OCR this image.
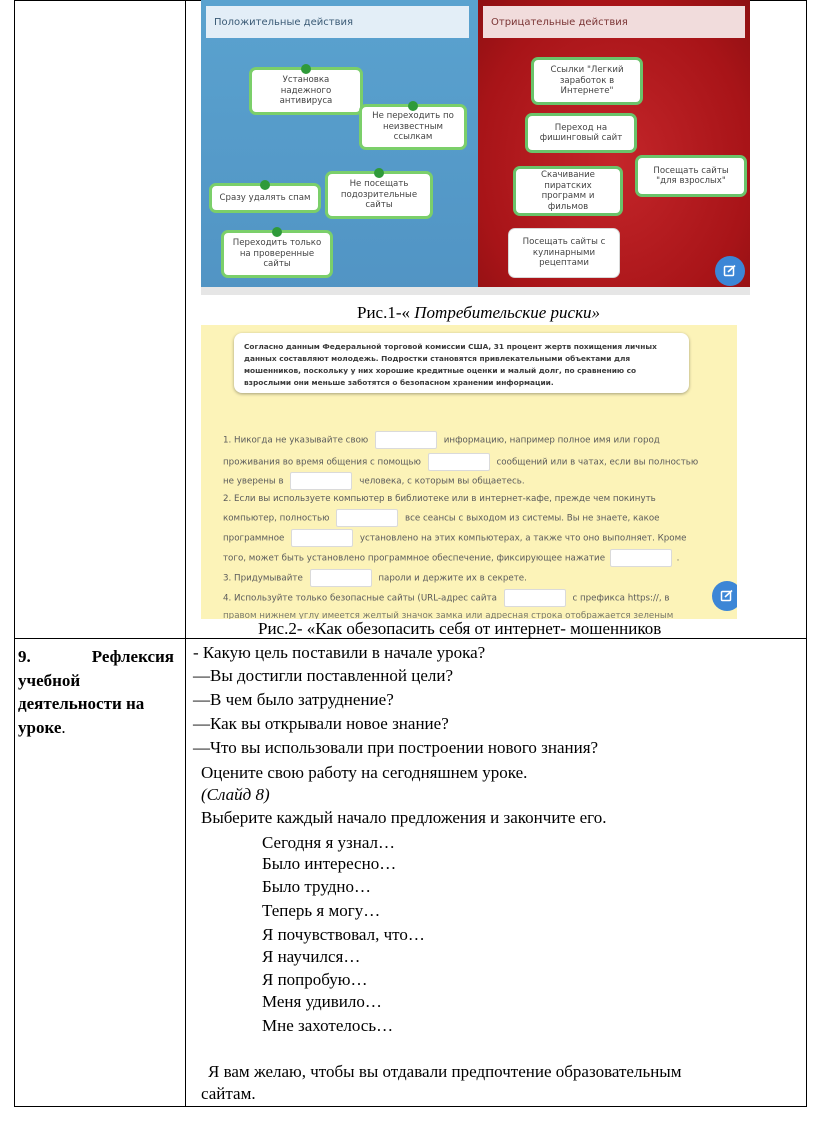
Положительные действия	Отрицательные действия
Установка надежного антивируса
Не переходить по неизвестным ссылкам
Сразу удалять спам
Не посещать подозрительные сайты
Переходить только на проверенные сайты
Ссылки "Легкий заработок в Интернете"
Переход на фишинговый сайт
Скачивание пиратских программ и фильмов
Посещать сайты "для взрослых"
Посещать сайты с кулинарными рецептами
Рис.1-« Потребительские риски»
Согласно данным Федеральной торговой комиссии США, 31 процент жертв похищения личных данных составляют молодежь. Подростки становятся привлекательными объектами для мошенников, поскольку у них хорошие кредитные оценки и малый долг, по сравнению со взрослыми они меньше заботятся о безопасном хранении информации.
1. Никогда не указывайте свою	информацию, например полное имя или город
проживания во время общения с помощью	сообщений или в чатах, если вы полностью
не уверены в	человека, с которым вы общаетесь.
2. Если вы используете компьютер в библиотеке или в интернет-кафе, прежде чем покинуть
компьютер, полностью	все сеансы с выходом из системы. Вы не знаете, какое
программное	установлено на этих компьютерах, а также что оно выполняет. Кроме
того, может быть установлено программное обеспечение, фиксирующее нажатие	.
3. Придумывайте	пароли и держите их в секрете.
4. Используйте только безопасные сайты (URL-адрес сайта	с префикса https://, в
правом нижнем углу имеется желтый значок замка или адресная строка отображается зеленым
Рис.2- «Как обезопасить себя от интернет- мошенников
9.	Рефлексия
учебной
деятельности на
уроке.
- Какую цель поставили в начале урока?
—Вы достигли поставленной цели?
—В чем было затруднение?
—Как вы открывали новое знание?
—Что вы использовали при построении нового знания?
Оцените свою работу на сегодняшнем уроке.
(Слайд 8)
Выберите каждый начало предложения и закончите его.
Сегодня я узнал…
Было интересно…
Было трудно…
Теперь я могу…
Я почувствовал, что…
Я научился…
Я попробую…
Меня удивило…
Мне захотелось…
Я вам желаю, чтобы вы отдавали предпочтение образовательным
сайтам.
